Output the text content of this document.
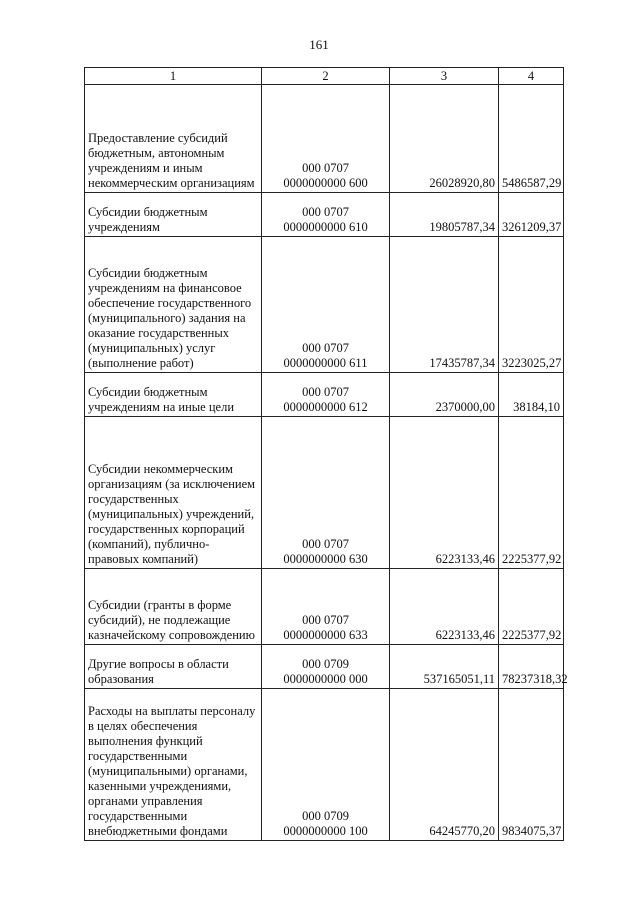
161
1	2	3	4
Предоставление субсидий бюджетным, автономным учреждениям и иным некоммерческим организациям	000 0707
0000000000 600	26028920,80	5486587,29
Субсидии бюджетным учреждениям	000 0707
0000000000 610	19805787,34	3261209,37
Субсидии бюджетным учреждениям на финансовое обеспечение государственного (муниципального) задания на оказание государственных (муниципальных) услуг (выполнение работ)	000 0707
0000000000 611	17435787,34	3223025,27
Субсидии бюджетным учреждениям на иные цели	000 0707
0000000000 612	2370000,00	38184,10
Субсидии некоммерческим организациям (за исключением государственных (муниципальных) учреждений, государственных корпораций (компаний), публично-правовых компаний)	000 0707
0000000000 630	6223133,46	2225377,92
Субсидии (гранты в форме субсидий), не подлежащие казначейскому сопровождению	000 0707
0000000000 633	6223133,46	2225377,92
Другие вопросы в области образования	000 0709
0000000000 000	537165051,11	78237318,32
Расходы на выплаты персоналу в целях обеспечения выполнения функций государственными (муниципальными) органами, казенными учреждениями, органами управления государственными внебюджетными фондами	000 0709
0000000000 100	64245770,20	9834075,37
